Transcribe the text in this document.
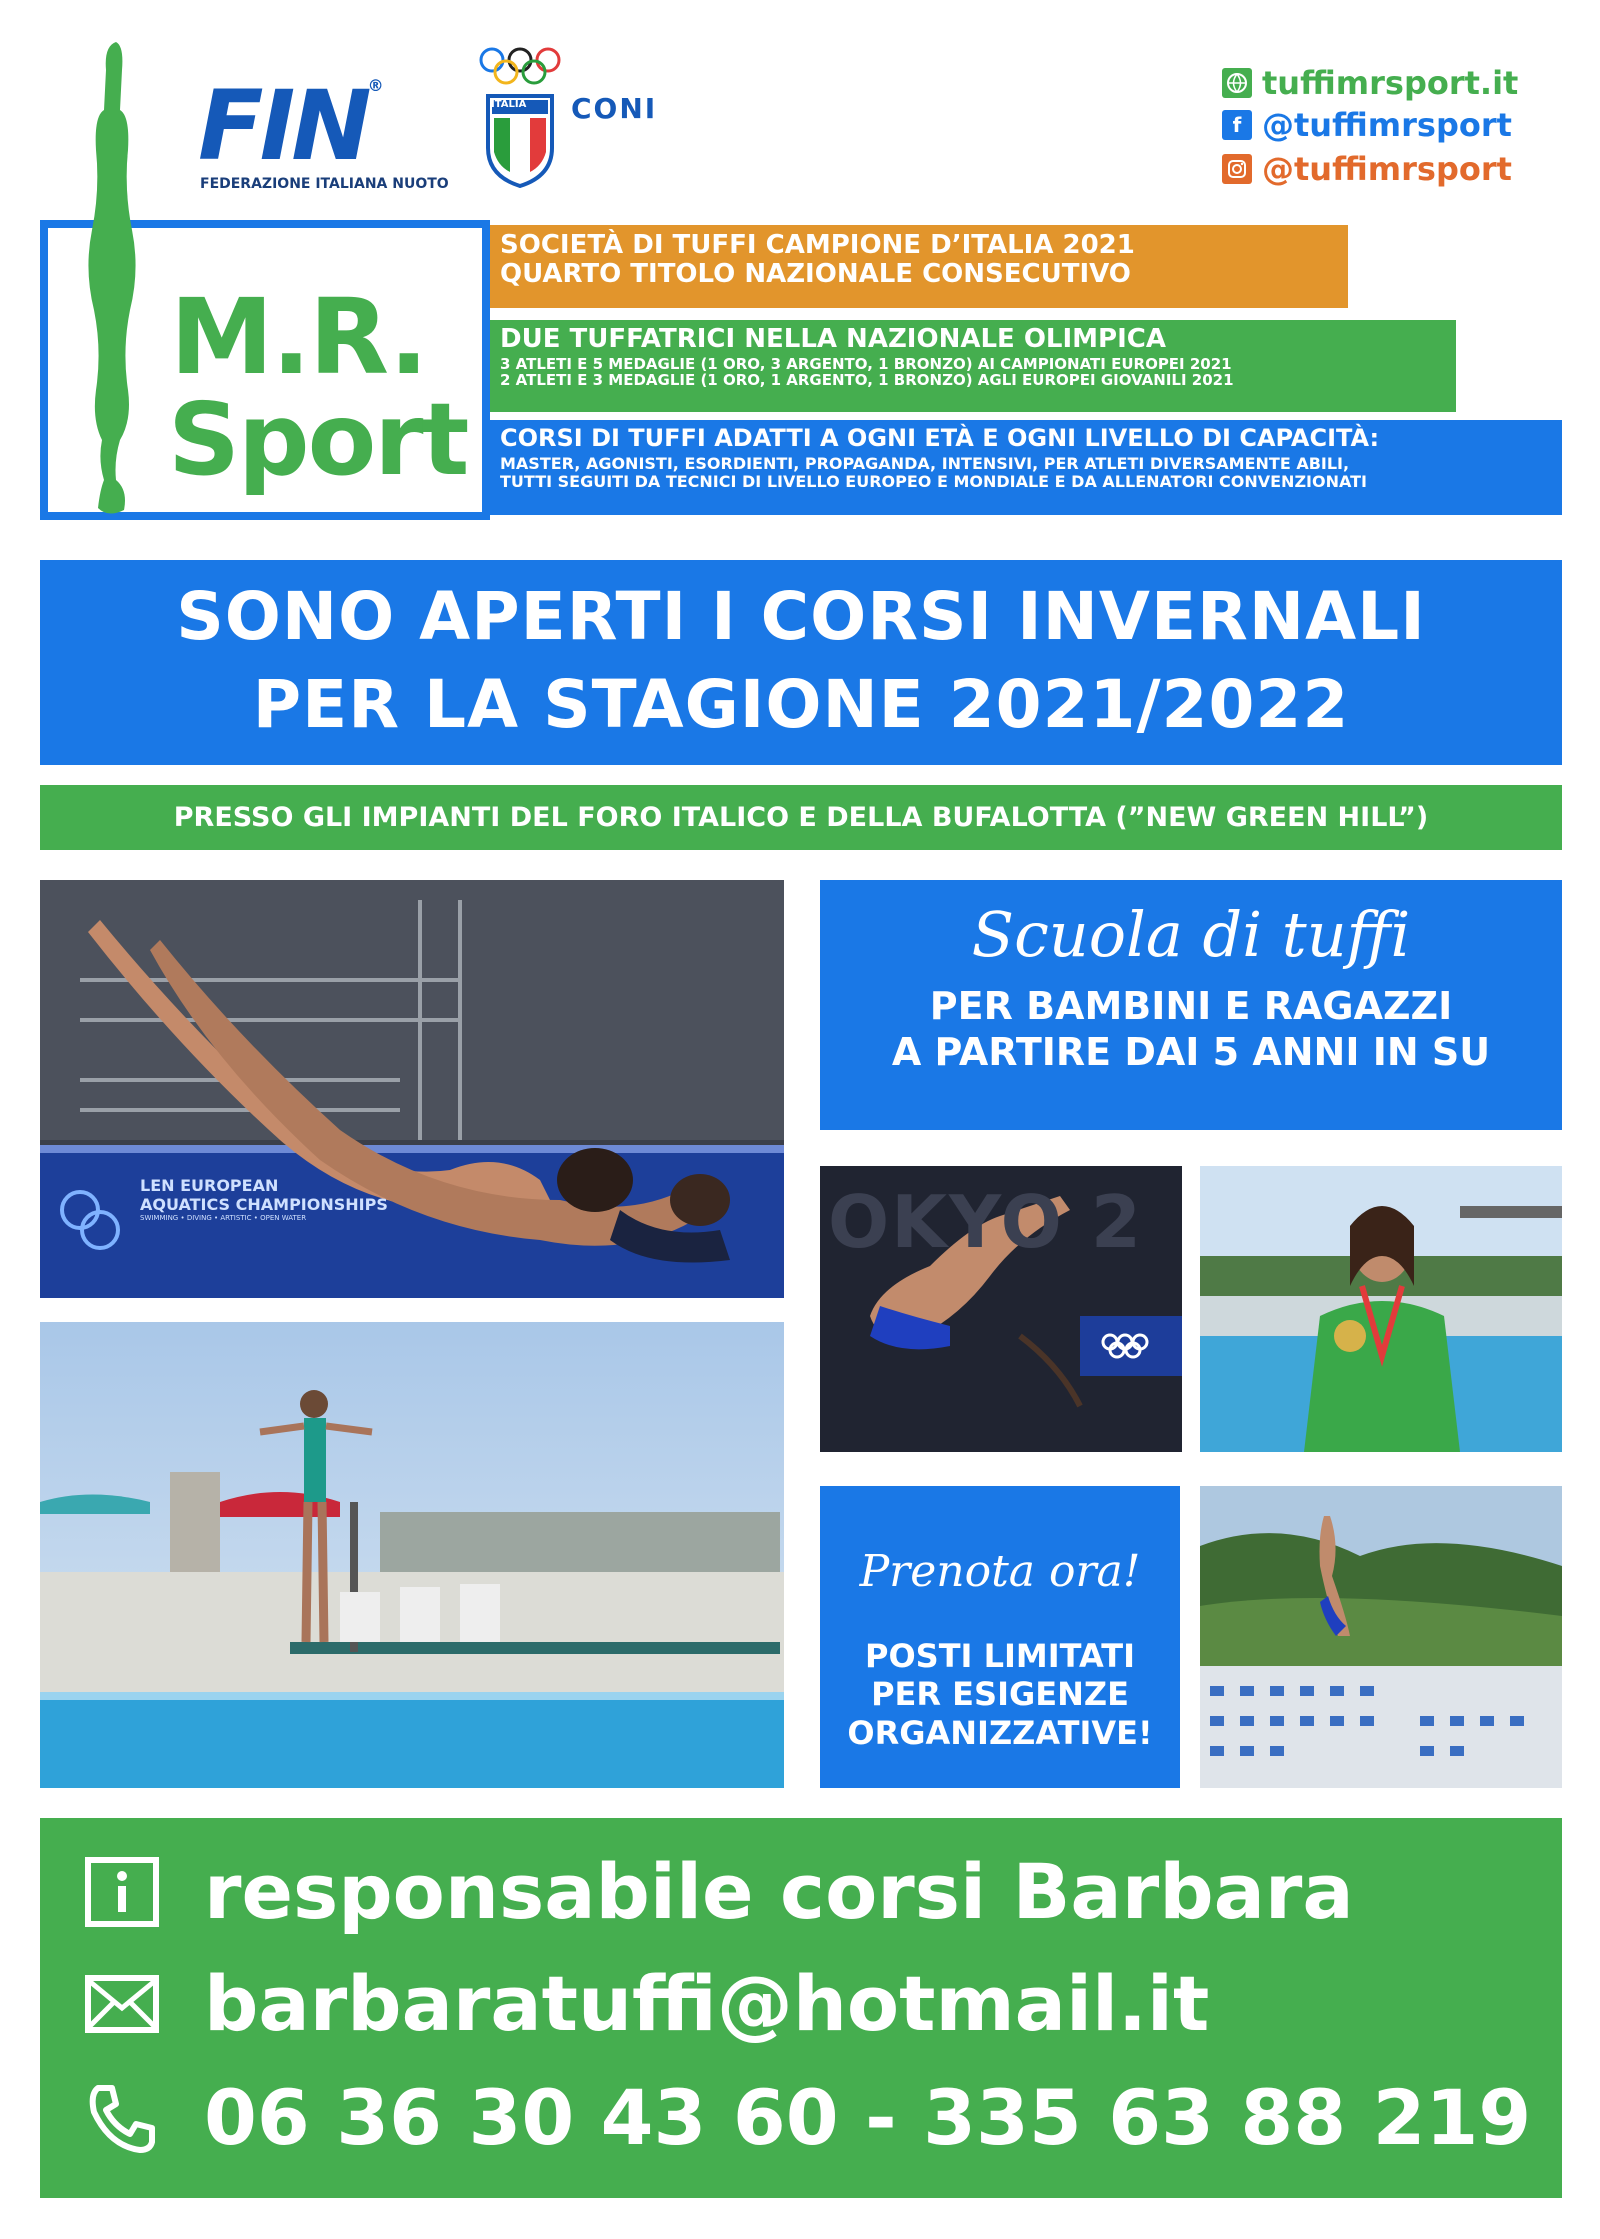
FIN®
FEDERAZIONE ITALIANA NUOTO
ITALIA CONI
tuffimrsport.it
f @tuffimrsport
@tuffimrsport
M.R.
Sport
SOCIETÀ DI TUFFI CAMPIONE D’ITALIA 2021
QUARTO TITOLO NAZIONALE CONSECUTIVO
DUE TUFFATRICI NELLA NAZIONALE OLIMPICA
3 ATLETI E 5 MEDAGLIE (1 ORO, 3 ARGENTO, 1 BRONZO) AI CAMPIONATI EUROPEI 2021
2 ATLETI E 3 MEDAGLIE (1 ORO, 1 ARGENTO, 1 BRONZO) AGLI EUROPEI GIOVANILI 2021
CORSI DI TUFFI ADATTI A OGNI ETÀ E OGNI LIVELLO DI CAPACITÀ:
MASTER, AGONISTI, ESORDIENTI, PROPAGANDA, INTENSIVI, PER ATLETI DIVERSAMENTE ABILI,
TUTTI SEGUITI DA TECNICI DI LIVELLO EUROPEO E MONDIALE E DA ALLENATORI CONVENZIONATI
SONO APERTI I CORSI INVERNALI
PER LA STAGIONE 2021/2022
PRESSO GLI IMPIANTI DEL FORO ITALICO E DELLA BUFALOTTA (”NEW GREEN HILL”)
LEN EUROPEAN
AQUATICS CHAMPIONSHIPS
SWIMMING • DIVING • ARTISTIC • OPEN WATER
Scuola di tuffi
PER BAMBINI E RAGAZZI
A PARTIRE DAI 5 ANNI IN SU
OKYO 2
Prenota ora!
POSTI LIMITATI
PER ESIGENZE
ORGANIZZATIVE!
responsabile corsi Barbara
barbaratuffi@hotmail.it
06 36 30 43 60 - 335 63 88 219
